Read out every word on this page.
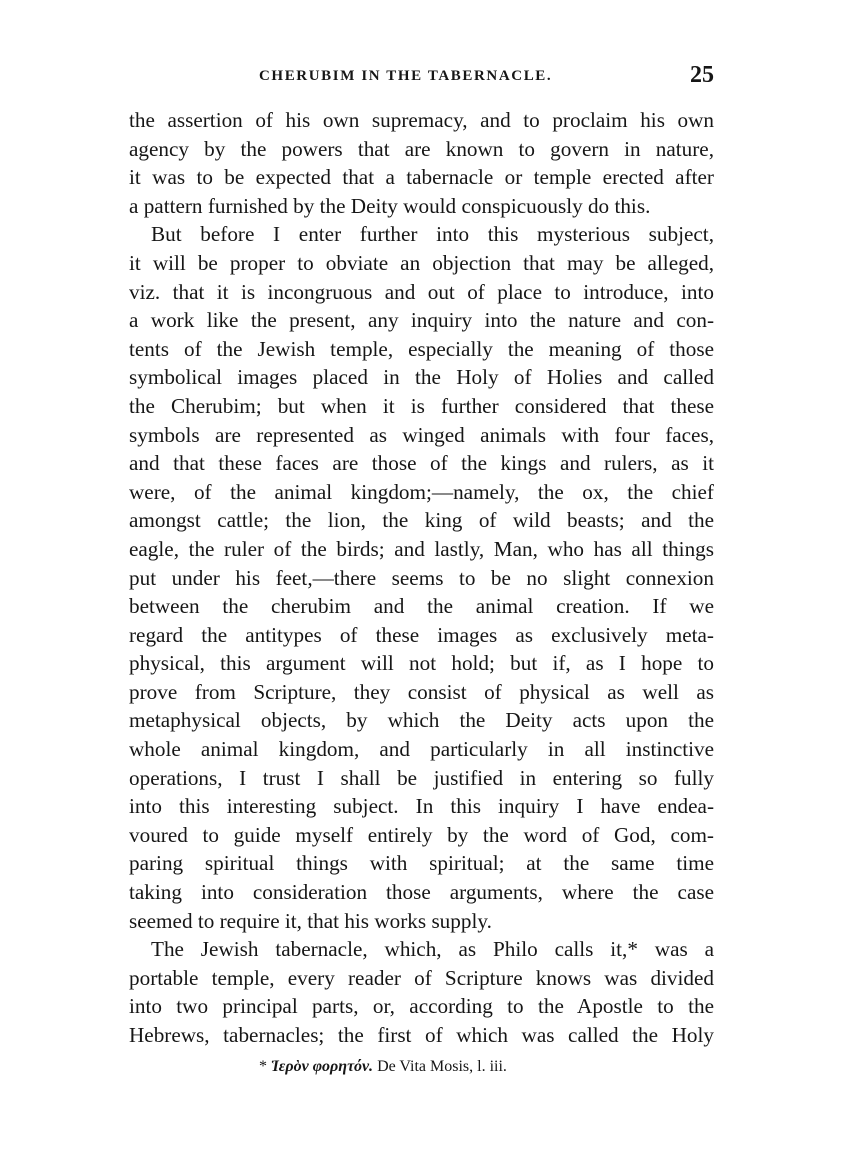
CHERUBIM IN THE TABERNACLE.	25
the assertion of his own supremacy, and to proclaim his own
agency by the powers that are known to govern in nature,
it was to be expected that a tabernacle or temple erected after
a pattern furnished by the Deity would conspicuously do this.
But before I enter further into this mysterious subject,
it will be proper to obviate an objection that may be alleged,
viz. that it is incongruous and out of place to introduce, into
a work like the present, any inquiry into the nature and con-
tents of the Jewish temple, especially the meaning of those
symbolical images placed in the Holy of Holies and called
the Cherubim; but when it is further considered that these
symbols are represented as winged animals with four faces,
and that these faces are those of the kings and rulers, as it
were, of the animal kingdom;—namely, the ox, the chief
amongst cattle; the lion, the king of wild beasts; and the
eagle, the ruler of the birds; and lastly, Man, who has all things
put under his feet,—there seems to be no slight connexion
between the cherubim and the animal creation. If we
regard the antitypes of these images as exclusively meta-
physical, this argument will not hold; but if, as I hope to
prove from Scripture, they consist of physical as well as
metaphysical objects, by which the Deity acts upon the
whole animal kingdom, and particularly in all instinctive
operations, I trust I shall be justified in entering so fully
into this interesting subject. In this inquiry I have endea-
voured to guide myself entirely by the word of God, com-
paring spiritual things with spiritual; at the same time
taking into consideration those arguments, where the case
seemed to require it, that his works supply.
The Jewish tabernacle, which, as Philo calls it,* was a
portable temple, every reader of Scripture knows was divided
into two principal parts, or, according to the Apostle to the
Hebrews, tabernacles; the first of which was called the Holy
* Ἱερὸν φορητόν. De Vita Mosis, l. iii.
